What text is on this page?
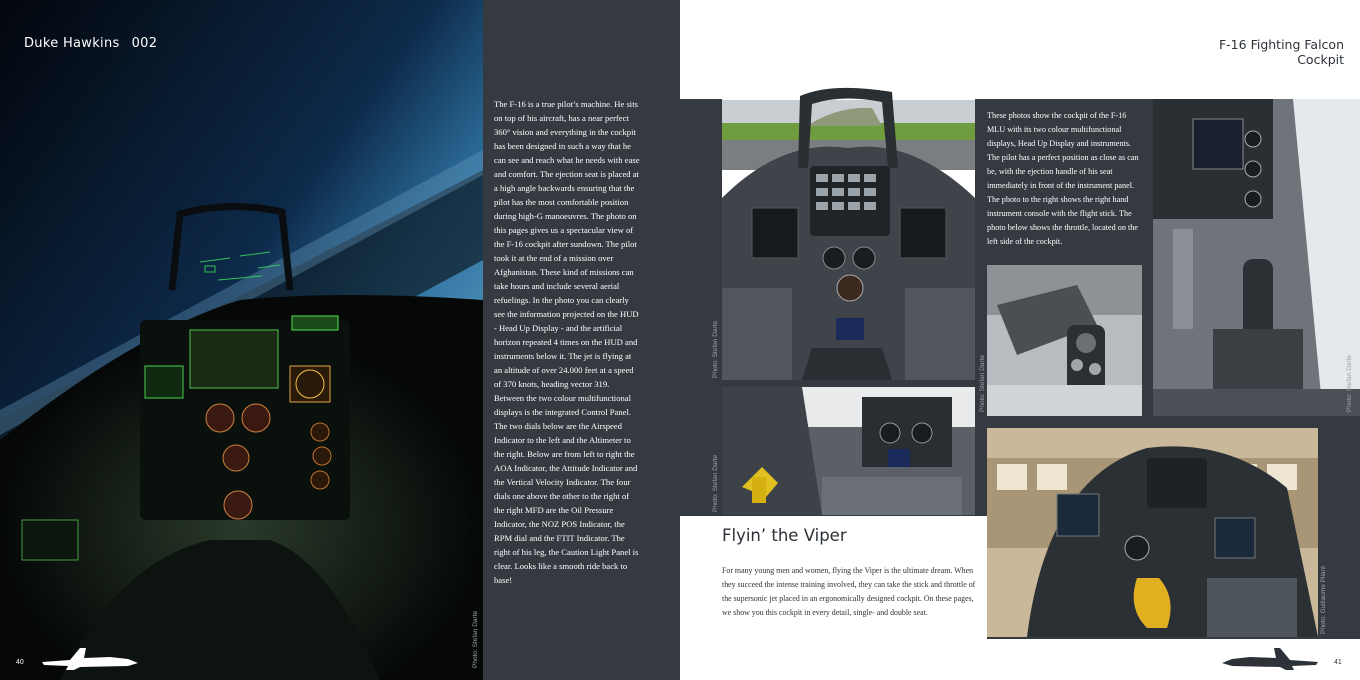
Duke Hawkins 002
40
The F-16 is a true pilot’s machine. He sits on top of his aircraft, has a near perfect 360° vision and everything in the cockpit has been designed in such a way that he can see and reach what he needs with ease and comfort. The ejection seat is placed at a high angle backwards ensuring that the pilot has the most comfortable position during high-G manoeuvres. The photo on this pages gives us a spectacular view of the F-16 cockpit after sundown. The pilot took it at the end of a mission over Afghanistan. These kind of missions can take hours and include several aerial refuelings. In the photo you can clearly see the information projected on the HUD - Head Up Display - and the artificial horizon repeated 4 times on the HUD and instruments below it. The jet is flying at an altitude of over 24.000 feet at a speed of 370 knots, heading vector 319. Between the two colour multifunctional displays is the integrated Control Panel. The two dials below are the Airspeed Indicator to the left and the Altimeter to the right. Below are from left to right the AOA Indicator, the Attitude Indicator and the Vertical Velocity Indicator. The four dials one above the other to the right of the right MFD are the Oil Pressure Indicator, the NOZ POS Indicator, the RPM dial and the FTIT Indicator. The right of his leg, the Caution Light Panel is clear. Looks like a smooth ride back to base!
Photo: Stefan Darte
F-16 Fighting Falcon
Cockpit
Photo: Stefan Darte
Photo: Stefan Darte
These photos show the cockpit of the F-16 MLU with its two colour multifunctional displays, Head Up Display and instruments. The pilot has a perfect position as close as can be, with the ejection handle of his seat immediately in front of the instrument panel. The photo to the right shows the right hand instrument console with the flight stick. The photo below shows the throttle, located on the left side of the cockpit.
Photo: Stefan Darte	Photo: Stefan Darte
Photo: Guillaume Pilant
Flyin’ the Viper
For many young men and women, flying the Viper is the ultimate dream. When they succeed the intense training involved, they can take the stick and throttle of the supersonic jet placed in an ergonomically designed cockpit. On these pages, we show you this cockpit in every detail, single- and double seat.
41
